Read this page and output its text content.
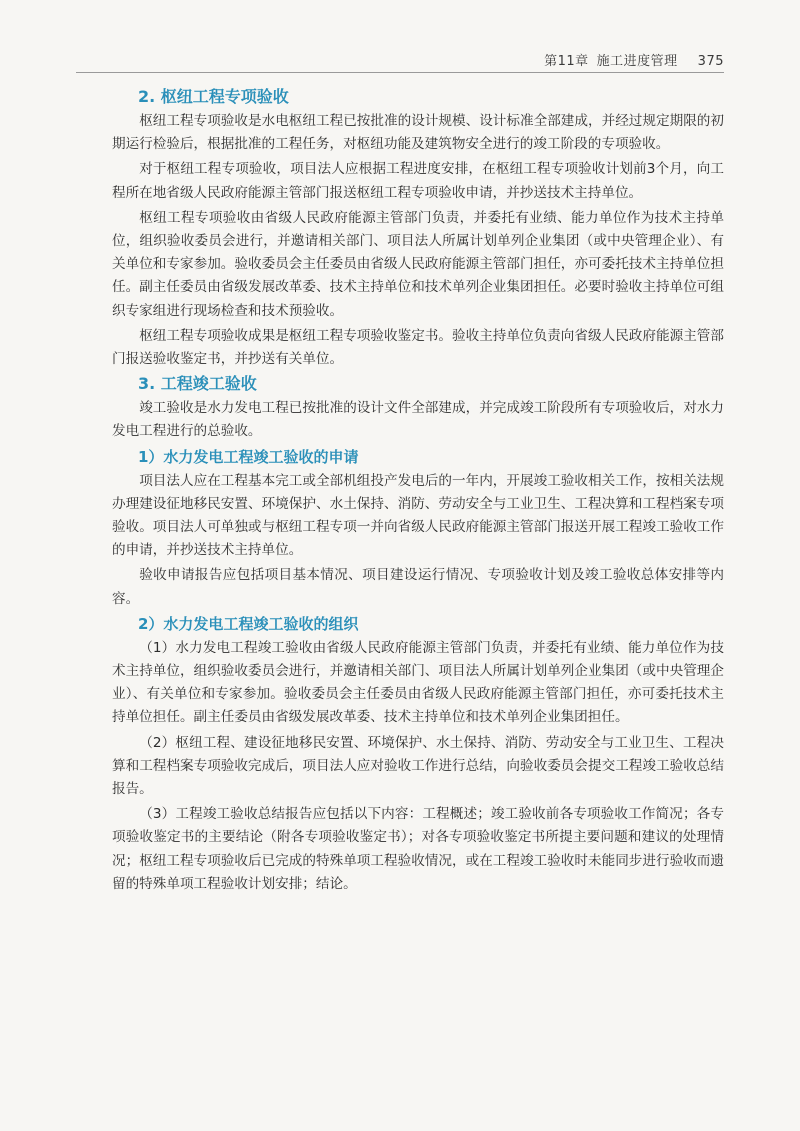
第11章 施工进度管理 375
2. 枢纽工程专项验收
枢纽工程专项验收是水电枢纽工程已按批准的设计规模、设计标准全部建成，并经过规定期限的初期运行检验后，根据批准的工程任务，对枢纽功能及建筑物安全进行的竣工阶段的专项验收。
对于枢纽工程专项验收，项目法人应根据工程进度安排，在枢纽工程专项验收计划前3个月，向工程所在地省级人民政府能源主管部门报送枢纽工程专项验收申请，并抄送技术主持单位。
枢纽工程专项验收由省级人民政府能源主管部门负责，并委托有业绩、能力单位作为技术主持单位，组织验收委员会进行，并邀请相关部门、项目法人所属计划单列企业集团（或中央管理企业）、有关单位和专家参加。验收委员会主任委员由省级人民政府能源主管部门担任，亦可委托技术主持单位担任。副主任委员由省级发展改革委、技术主持单位和技术单列企业集团担任。必要时验收主持单位可组织专家组进行现场检查和技术预验收。
枢纽工程专项验收成果是枢纽工程专项验收鉴定书。验收主持单位负责向省级人民政府能源主管部门报送验收鉴定书，并抄送有关单位。
3. 工程竣工验收
竣工验收是水力发电工程已按批准的设计文件全部建成，并完成竣工阶段所有专项验收后，对水力发电工程进行的总验收。
1）水力发电工程竣工验收的申请
项目法人应在工程基本完工或全部机组投产发电后的一年内，开展竣工验收相关工作，按相关法规办理建设征地移民安置、环境保护、水土保持、消防、劳动安全与工业卫生、工程决算和工程档案专项验收。项目法人可单独或与枢纽工程专项一并向省级人民政府能源主管部门报送开展工程竣工验收工作的申请，并抄送技术主持单位。
验收申请报告应包括项目基本情况、项目建设运行情况、专项验收计划及竣工验收总体安排等内容。
2）水力发电工程竣工验收的组织
（1）水力发电工程竣工验收由省级人民政府能源主管部门负责，并委托有业绩、能力单位作为技术主持单位，组织验收委员会进行，并邀请相关部门、项目法人所属计划单列企业集团（或中央管理企业）、有关单位和专家参加。验收委员会主任委员由省级人民政府能源主管部门担任，亦可委托技术主持单位担任。副主任委员由省级发展改革委、技术主持单位和技术单列企业集团担任。
（2）枢纽工程、建设征地移民安置、环境保护、水土保持、消防、劳动安全与工业卫生、工程决算和工程档案专项验收完成后，项目法人应对验收工作进行总结，向验收委员会提交工程竣工验收总结报告。
（3）工程竣工验收总结报告应包括以下内容：工程概述；竣工验收前各专项验收工作简况；各专项验收鉴定书的主要结论（附各专项验收鉴定书）；对各专项验收鉴定书所提主要问题和建议的处理情况；枢纽工程专项验收后已完成的特殊单项工程验收情况，或在工程竣工验收时未能同步进行验收而遗留的特殊单项工程验收计划安排；结论。
